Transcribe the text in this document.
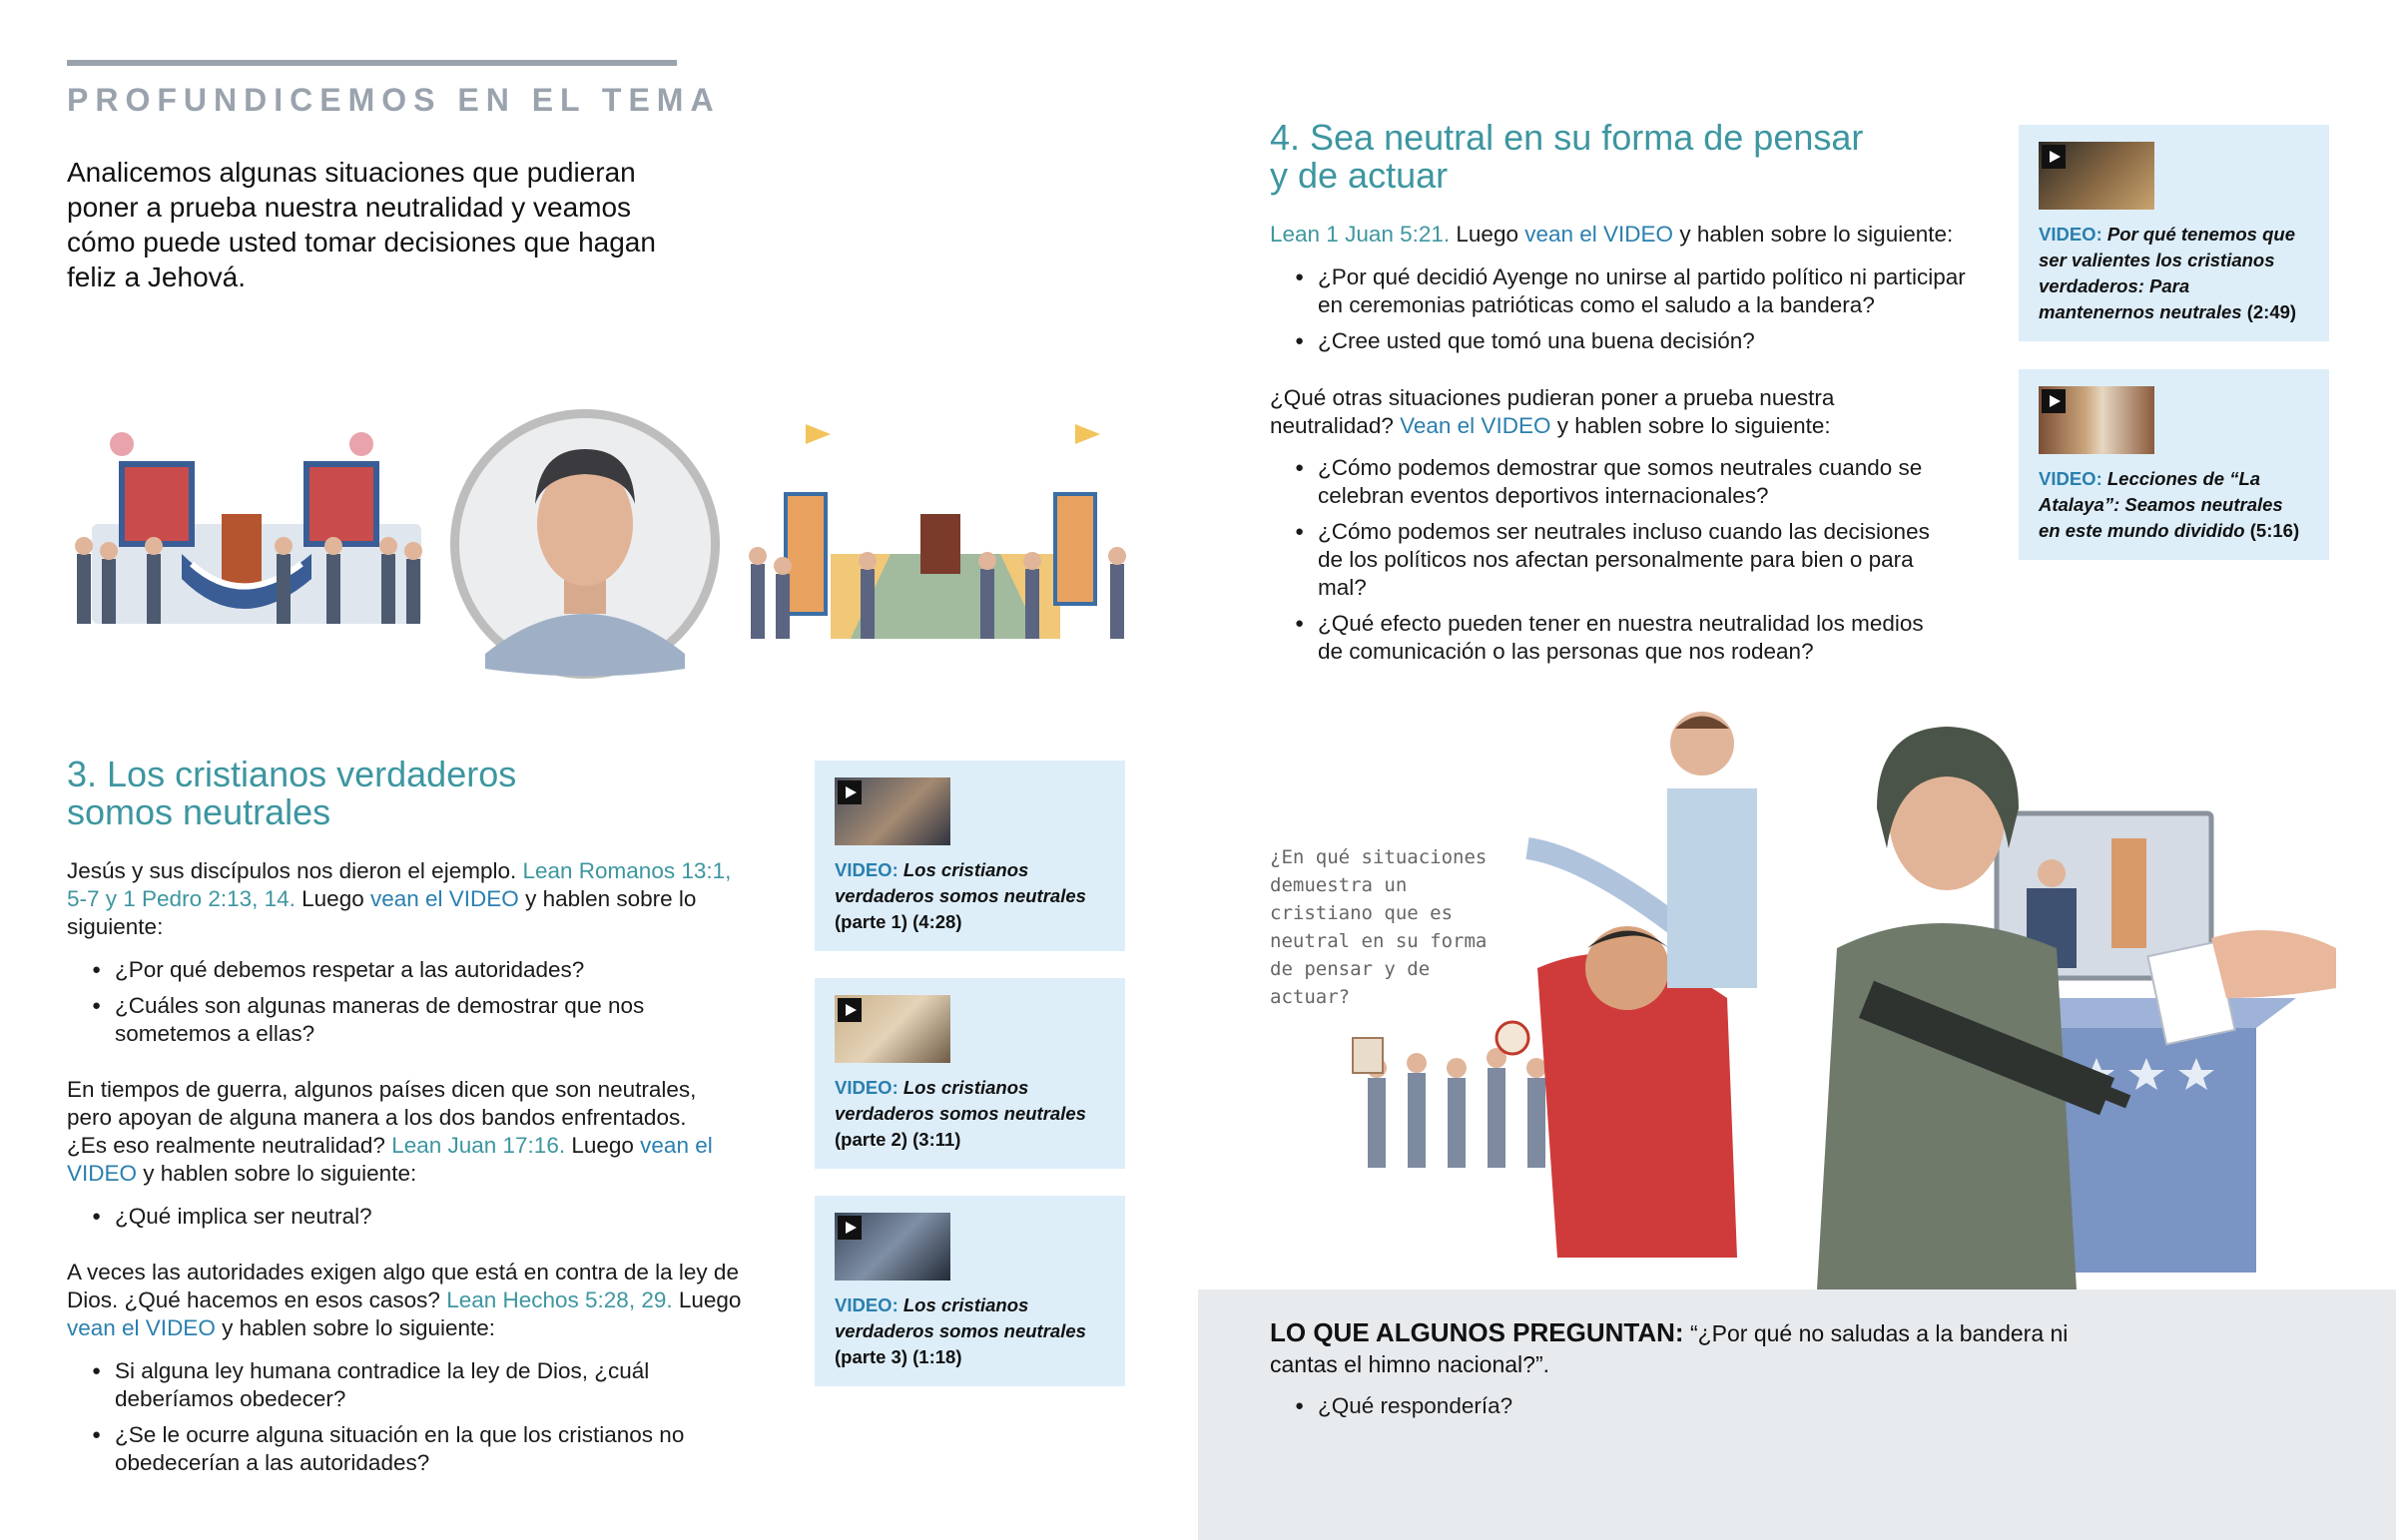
PROFUNDICEMOS EN EL TEMA
Analicemos algunas situaciones que pudieran poner a prueba nuestra neutralidad y veamos cómo puede usted tomar decisiones que hagan feliz a Jehová.
3. Los cristianos verdaderos somos neutrales
Jesús y sus discípulos nos dieron el ejemplo. Lean Romanos 13:1, 5-7 y 1 Pedro 2:13, 14. Luego vean el VIDEO y hablen sobre lo siguiente:
● ¿Por qué debemos respetar a las autoridades?
● ¿Cuáles son algunas maneras de demostrar que nos sometemos a ellas?
En tiempos de guerra, algunos países dicen que son neutrales, pero apoyan de alguna manera a los dos bandos enfrentados. ¿Es eso realmente neutralidad? Lean Juan 17:16. Luego vean el VIDEO y hablen sobre lo siguiente:
● ¿Qué implica ser neutral?
A veces las autoridades exigen algo que está en contra de la ley de Dios. ¿Qué hacemos en esos casos? Lean Hechos 5:28, 29. Luego vean el VIDEO y hablen sobre lo siguiente:
● Si alguna ley humana contradice la ley de Dios, ¿cuál deberíamos obedecer?
● ¿Se le ocurre alguna situación en la que los cristianos no obedecerían a las autoridades?
VIDEO: Los cristianos verdaderos somos neutrales
(parte 1) (4:28)
VIDEO: Los cristianos verdaderos somos neutrales
(parte 2) (3:11)
VIDEO: Los cristianos verdaderos somos neutrales
(parte 3) (1:18)
4. Sea neutral en su forma de pensar y de actuar
Lean 1 Juan 5:21. Luego vean el VIDEO y hablen sobre lo siguiente:
● ¿Por qué decidió Ayenge no unirse al partido político ni participar en ceremonias patrióticas como el saludo a la bandera?
● ¿Cree usted que tomó una buena decisión?
¿Qué otras situaciones pudieran poner a prueba nuestra neutralidad? Vean el VIDEO y hablen sobre lo siguiente:
● ¿Cómo podemos demostrar que somos neutrales cuando se celebran eventos deportivos internacionales?
● ¿Cómo podemos ser neutrales incluso cuando las decisiones de los políticos nos afectan personalmente para bien o para mal?
● ¿Qué efecto pueden tener en nuestra neutralidad los medios de comunicación o las personas que nos rodean?
VIDEO: Por qué tenemos que ser valientes los cristianos verdaderos: Para mantenernos neutrales (2:49)
VIDEO: Lecciones de “La Atalaya”: Seamos neutrales en este mundo dividido (5:16)
¿En qué situaciones demuestra un cristiano que es neutral en su forma de pensar y de actuar?
LO QUE ALGUNOS PREGUNTAN: “¿Por qué no saludas a la bandera ni cantas el himno nacional?”.
● ¿Qué respondería?
